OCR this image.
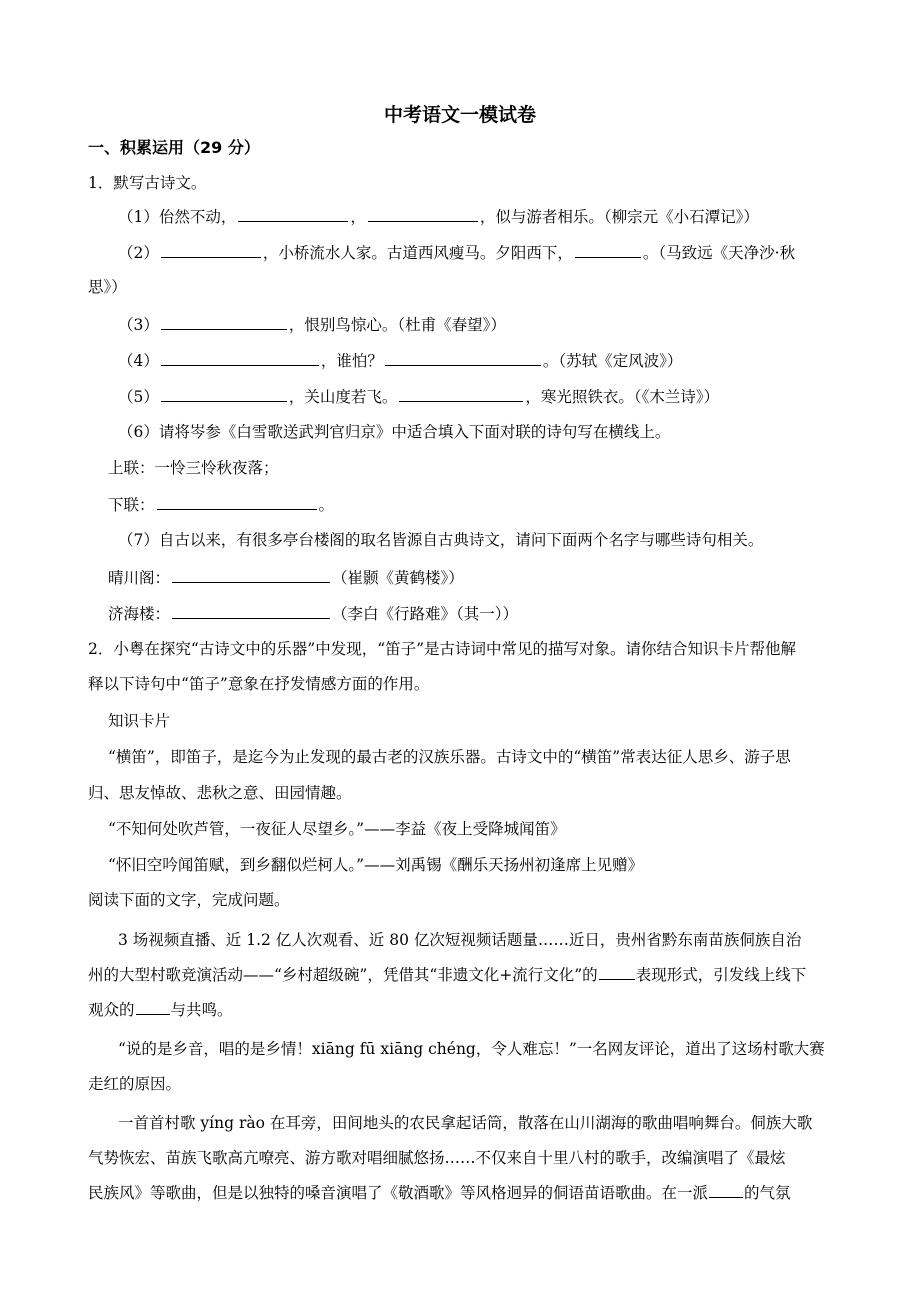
中考语文一模试卷
一、积累运用（29 分）
1．默写古诗文。
（1）佁然不动，	，	，似与游者相乐。（柳宗元《小石潭记》）
（2）	，小桥流水人家。古道西风瘦马。夕阳西下，	。（马致远《天净沙·秋
思》）
（3）	，恨别鸟惊心。（杜甫《春望》）
（4）	，谁怕？	。（苏轼《定风波》）
（5）	，关山度若飞。	，寒光照铁衣。（《木兰诗》）
（6）请将岑参《白雪歌送武判官归京》中适合填入下面对联的诗句写在横线上。
上联：一怜三怜秋夜落；
下联：	。
（7）自古以来，有很多亭台楼阁的取名皆源自古典诗文，请问下面两个名字与哪些诗句相关。
晴川阁：	（崔颢《黄鹤楼》）
济海楼：	（李白《行路难》（其一））
2．小粤在探究“古诗文中的乐器”中发现，“笛子”是古诗词中常见的描写对象。请你结合知识卡片帮他解
释以下诗句中“笛子”意象在抒发情感方面的作用。
知识卡片
“横笛”，即笛子，是迄今为止发现的最古老的汉族乐器。古诗文中的“横笛”常表达征人思乡、游子思
归、思友悼故、悲秋之意、田园情趣。
“不知何处吹芦管，一夜征人尽望乡。”——李益《夜上受降城闻笛》
“怀旧空吟闻笛赋，到乡翻似烂柯人。”——刘禹锡《酬乐天扬州初逢席上见赠》
阅读下面的文字，完成问题。
3 场视频直播、近 1.2 亿人次观看、近 80 亿次短视频话题量……近日，贵州省黔东南苗族侗族自治
州的大型村歌竞演活动——“乡村超级碗”，凭借其“非遗文化+流行文化”的 表现形式，引发线上线下
观众的 与共鸣。
“说的是乡音，唱的是乡情！xiāng fū xiāng chéng，令人难忘！”一名网友评论，道出了这场村歌大赛
走红的原因。
一首首村歌 yíng rào 在耳旁，田间地头的农民拿起话筒，散落在山川湖海的歌曲唱响舞台。侗族大歌
气势恢宏、苗族飞歌高亢嘹亮、游方歌对唱细腻悠扬……不仅来自十里八村的歌手，改编演唱了《最炫
民族风》等歌曲，但是以独特的嗓音演唱了《敬酒歌》等风格迥异的侗语苗语歌曲。在一派 的气氛
